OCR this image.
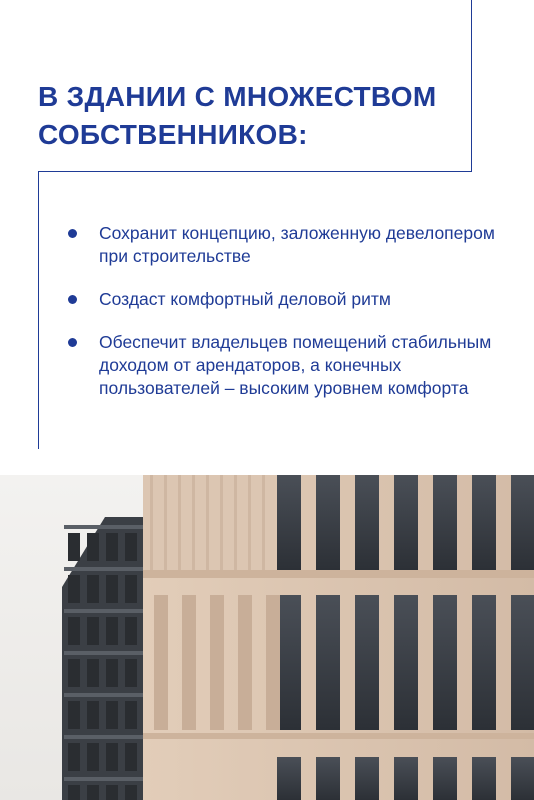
В ЗДАНИИ С МНОЖЕСТВОМ
СОБСТВЕННИКОВ:
Сохранит концепцию, заложенную девелопером при строительстве
Создаст комфортный деловой ритм
Обеспечит владельцев помещений стабильным доходом от арендаторов, а конечных пользователей – высоким уровнем комфорта
